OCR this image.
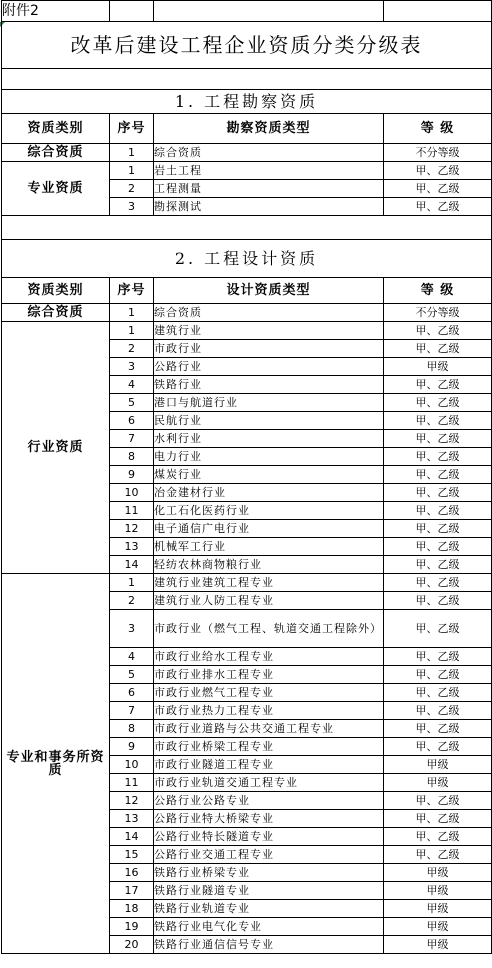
附件2			
改革后建设工程企业资质分类分级表			

1. 工程勘察资质			
资质类别	序号	勘察资质类型	等 级
综合资质	1	综合资质	不分等级
专业资质	1	岩土工程	甲、乙级
	2	工程测量	甲、乙级
	3	勘探测试	甲、乙级

2. 工程设计资质			
资质类别	序号	设计资质类型	等 级
综合资质	1	综合资质	不分等级
行业资质	1	建筑行业	甲、乙级
	2	市政行业	甲、乙级
	3	公路行业	甲级
	4	铁路行业	甲、乙级
	5	港口与航道行业	甲、乙级
	6	民航行业	甲、乙级
	7	水利行业	甲、乙级
	8	电力行业	甲、乙级
	9	煤炭行业	甲、乙级
	10	冶金建材行业	甲、乙级
	11	化工石化医药行业	甲、乙级
	12	电子通信广电行业	甲、乙级
	13	机械军工行业	甲、乙级
	14	轻纺农林商物粮行业	甲、乙级
专业和事务所资质	1	建筑行业建筑工程专业	甲、乙级
	2	建筑行业人防工程专业	甲、乙级
	3	市政行业（燃气工程、轨道交通工程除外）	甲、乙级
	4	市政行业给水工程专业	甲、乙级
	5	市政行业排水工程专业	甲、乙级
	6	市政行业燃气工程专业	甲、乙级
	7	市政行业热力工程专业	甲、乙级
	8	市政行业道路与公共交通工程专业	甲、乙级
	9	市政行业桥梁工程专业	甲、乙级
	10	市政行业隧道工程专业	甲级
	11	市政行业轨道交通工程专业	甲级
	12	公路行业公路专业	甲、乙级
	13	公路行业特大桥梁专业	甲、乙级
	14	公路行业特长隧道专业	甲、乙级
	15	公路行业交通工程专业	甲、乙级
	16	铁路行业桥梁专业	甲级
	17	铁路行业隧道专业	甲级
	18	铁路行业轨道专业	甲级
	19	铁路行业电气化专业	甲级
	20	铁路行业通信信号专业	甲级
